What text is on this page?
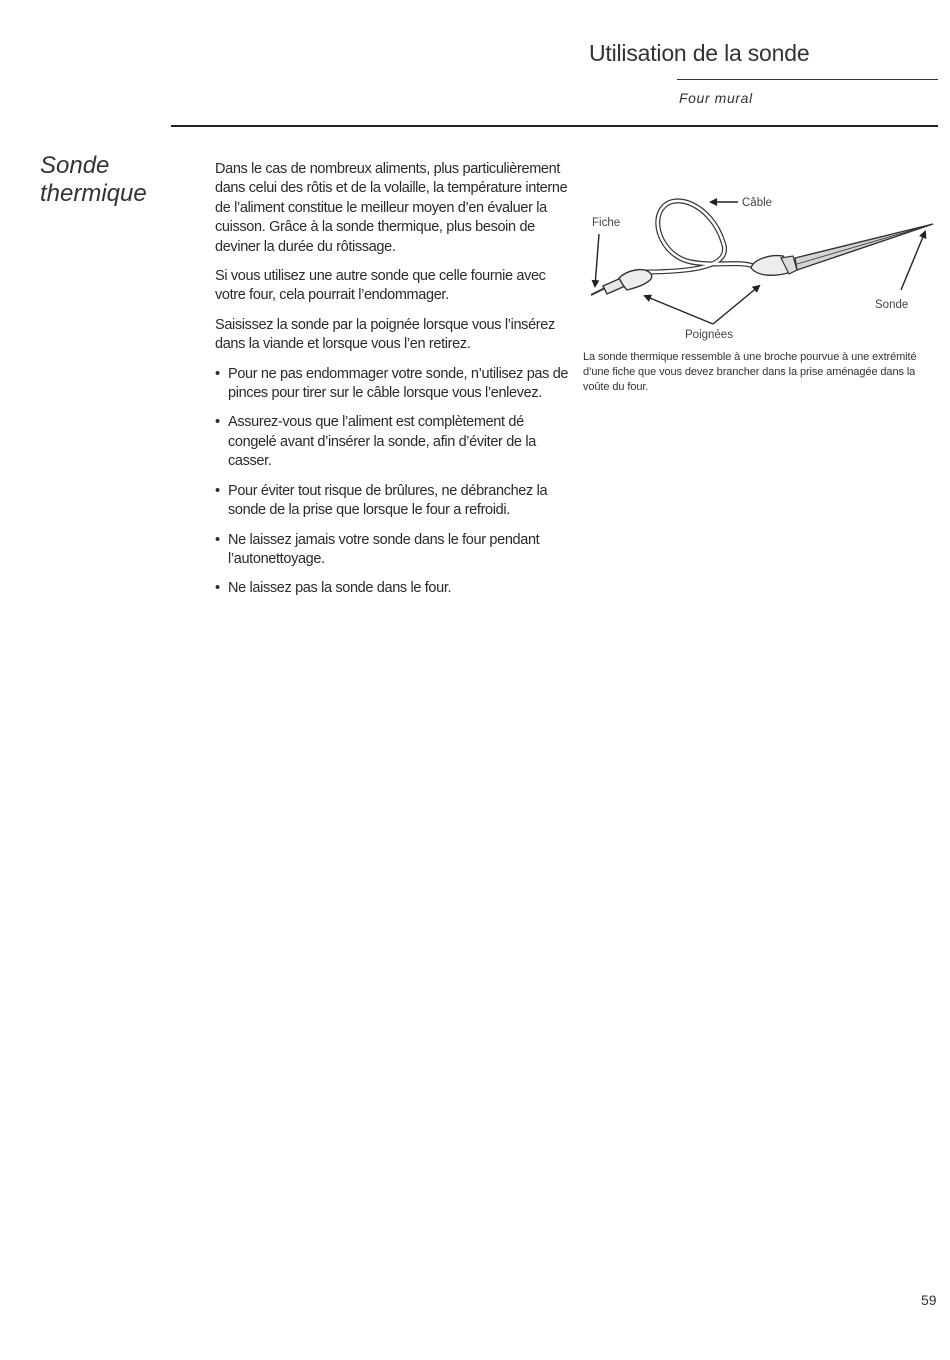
Utilisation de la sonde
Four mural
Sonde
thermique

Dans le cas de nombreux aliments, plus particulièrement dans celui des rôtis et de la volaille, la température interne de l’aliment constitue le meilleur moyen d’en évaluer la cuisson. Grâce à la sonde thermique, plus besoin de deviner la durée du rôtissage.

Si vous utilisez une autre sonde que celle fournie avec votre four, cela pourrait l’endommager.

Saisissez la sonde par la poignée lorsque vous l’insérez dans la viande et lorsque vous l’en retirez.

• Pour ne pas endommager votre sonde, n’utilisez pas de pinces pour tirer sur le câble lorsque vous l’enlevez.
• Assurez-vous que l’aliment est complètement dé congelé avant d’insérer la sonde, afin d’éviter de la casser.
• Pour éviter tout risque de brûlures, ne débranchez la sonde de la prise que lorsque le four a refroidi.
• Ne laissez jamais votre sonde dans le four pendant l’autonettoyage.
• Ne laissez pas la sonde dans le four.
Câble
Fiche
Sonde
Poignées
La sonde thermique ressemble à une broche pourvue à une extrémité d’une fiche que vous devez brancher dans la prise aménagée dans la voûte du four.
59
